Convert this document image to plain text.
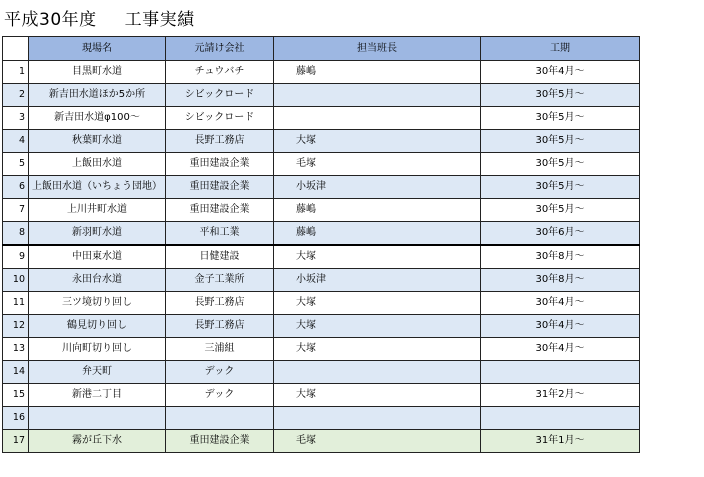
平成30年度 工事実績
	現場名	元請け会社	担当班長	工期
1	目黒町水道	チュウバチ	藤嶋	30年4月～
2	新吉田水道ほか5か所	シビックロード		30年5月～
3	新吉田水道φ100～	シビックロード		30年5月～
4	秋葉町水道	長野工務店	大塚	30年5月～
5	上飯田水道	重田建設企業	毛塚	30年5月～
6	上飯田水道（いちょう団地）	重田建設企業	小坂津	30年5月～
7	上川井町水道	重田建設企業	藤嶋	30年5月～
8	新羽町水道	平和工業	藤嶋	30年6月～
9	中田東水道	日健建設	大塚	30年8月～
10	永田台水道	金子工業所	小坂津	30年8月～
11	三ツ境切り回し	長野工務店	大塚	30年4月～
12	鶴見切り回し	長野工務店	大塚	30年4月～
13	川向町切り回し	三浦組	大塚	30年4月～
14	弁天町	デック		
15	新港二丁目	デック	大塚	31年2月～
16				
17	霧が丘下水	重田建設企業	毛塚	31年1月～
